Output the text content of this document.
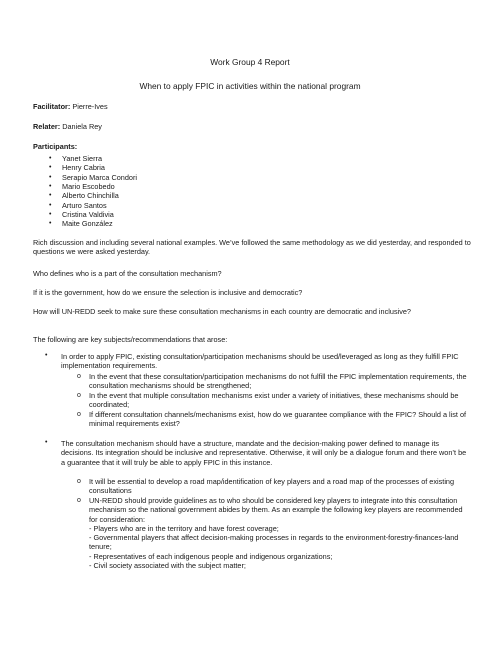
Work Group 4 Report
When to apply FPIC in activities within the national program
Facilitator: Pierre-Ives
Relater: Daniela Rey
Participants:
• Yanet Sierra
• Henry Cabria
• Serapio Marca Condori
• Mario Escobedo
• Alberto Chinchilla
• Arturo Santos
• Cristina Valdivia
• Maite González
Rich discussion and including several national examples. We’ve followed the same methodology as we did yesterday, and responded to questions we were asked yesterday.
Who defines who is a part of the consultation mechanism?
If it is the government, how do we ensure the selection is inclusive and democratic?
How will UN-REDD seek to make sure these consultation mechanisms in each country are democratic and inclusive?
The following are key subjects/recommendations that arose:
• In order to apply FPIC, existing consultation/participation mechanisms should be used/leveraged as long as they fulfill FPIC implementation requirements.
o In the event that these consultation/participation mechanisms do not fulfill the FPIC implementation requirements, the consultation mechanisms should be strengthened;
o In the event that multiple consultation mechanisms exist under a variety of initiatives, these mechanisms should be coordinated;
o If different consultation channels/mechanisms exist, how do we guarantee compliance with the FPIC? Should a list of minimal requirements exist?
• The consultation mechanism should have a structure, mandate and the decision-making power defined to manage its decisions. Its integration should be inclusive and representative. Otherwise, it will only be a dialogue forum and there won’t be a guarantee that it will truly be able to apply FPIC in this instance.
o It will be essential to develop a road map/identification of key players and a road map of the processes of existing consultations
o UN-REDD should provide guidelines as to who should be considered key players to integrate into this consultation mechanism so the national government abides by them. As an example the following key players are recommended for consideration:
- Players who are in the territory and have forest coverage;
- Governmental players that affect decision-making processes in regards to the environment-forestry-finances-land tenure;
- Representatives of each indigenous people and indigenous organizations;
- Civil society associated with the subject matter;
